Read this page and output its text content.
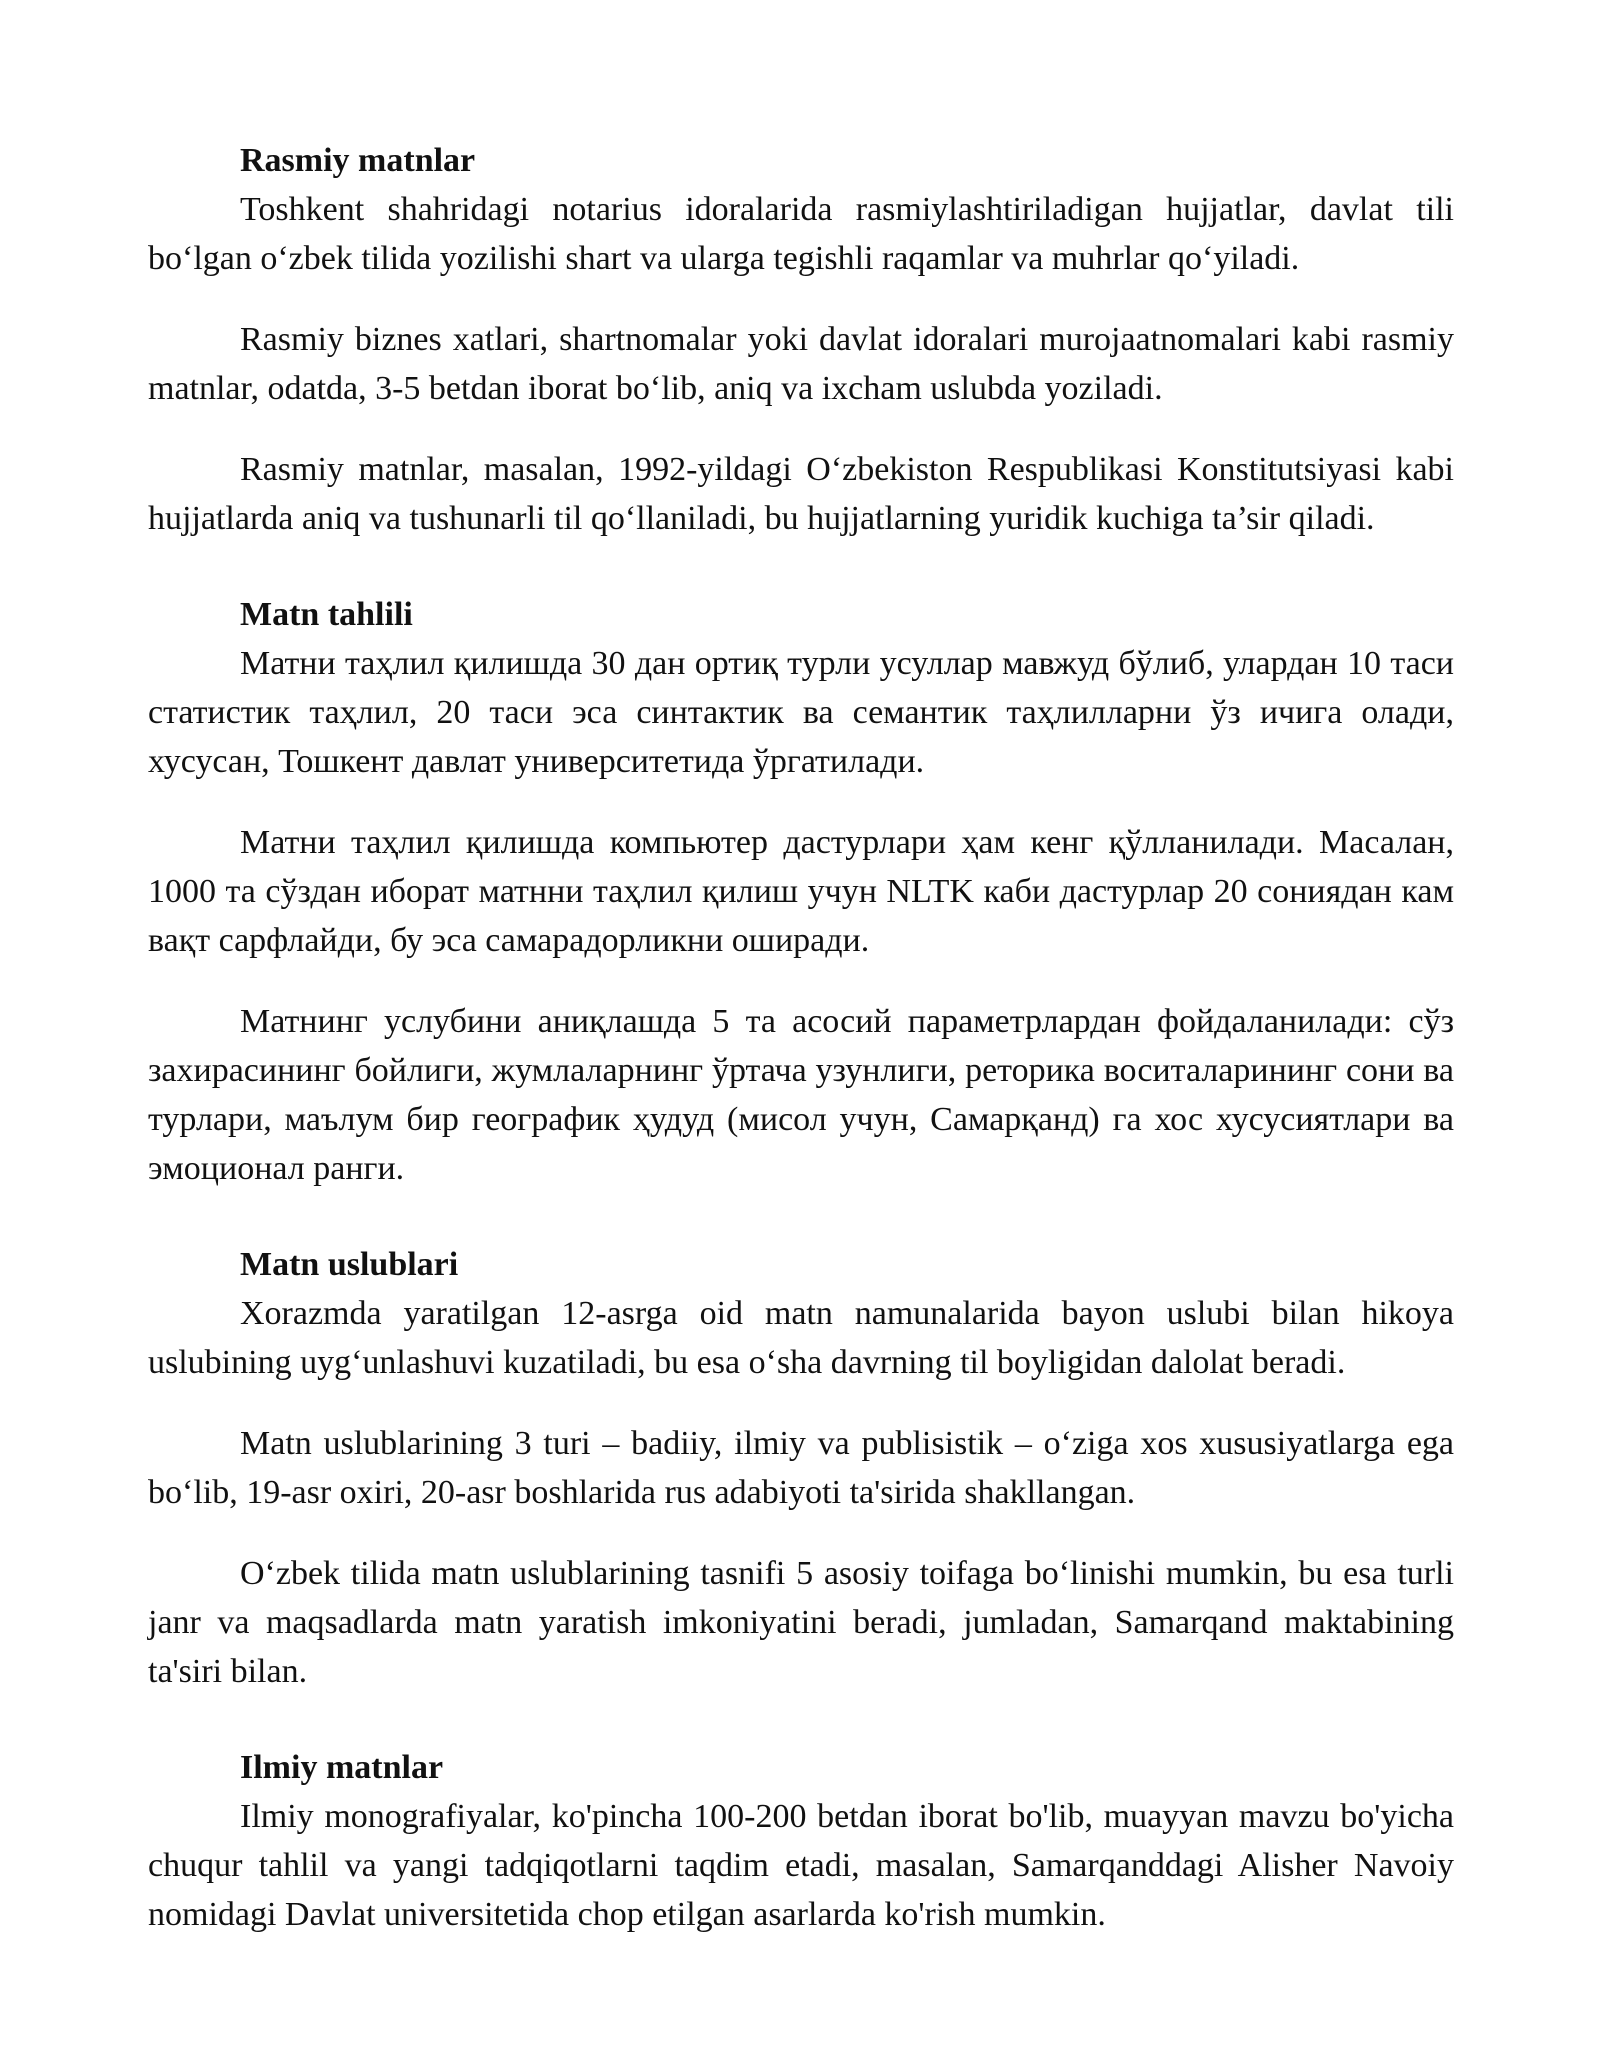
Rasmiy matnlar

Toshkent shahridagi notarius idoralarida rasmiylashtiriladigan hujjatlar, davlat tili bo‘lgan o‘zbek tilida yozilishi shart va ularga tegishli raqamlar va muhrlar qo‘yiladi.

Rasmiy biznes xatlari, shartnomalar yoki davlat idoralari murojaatnomalari kabi rasmiy matnlar, odatda, 3-5 betdan iborat bo‘lib, aniq va ixcham uslubda yoziladi.

Rasmiy matnlar, masalan, 1992-yildagi O‘zbekiston Respublikasi Konstitutsiyasi kabi hujjatlarda aniq va tushunarli til qo‘llaniladi, bu hujjatlarning yuridik kuchiga ta’sir qiladi.

Matn tahlili

Матни таҳлил қилишда 30 дан ортиқ турли усуллар мавжуд бўлиб, улардан 10 таси статистик таҳлил, 20 таси эса синтактик ва семантик таҳлилларни ўз ичига олади, хусусан, Тошкент давлат университетида ўргатилади.

Матни таҳлил қилишда компьютер дастурлари ҳам кенг қўлланилади. Масалан, 1000 та сўздан иборат матнни таҳлил қилиш учун NLTK каби дастурлар 20 сониядан кам вақт сарфлайди, бу эса самарадорликни оширади.

Матнинг услубини аниқлашда 5 та асосий параметрлардан фойдаланилади: сўз захирасининг бойлиги, жумлаларнинг ўртача узунлиги, реторика воситаларининг сони ва турлари, маълум бир географик ҳудуд (мисол учун, Самарқанд) га хос хусусиятлари ва эмоционал ранги.

Matn uslublari

Xorazmda yaratilgan 12-asrga oid matn namunalarida bayon uslubi bilan hikoya uslubining uyg‘unlashuvi kuzatiladi, bu esa o‘sha davrning til boyligidan dalolat beradi.

Matn uslublarining 3 turi – badiiy, ilmiy va publisistik – o‘ziga xos xususiyatlarga ega bo‘lib, 19-asr oxiri, 20-asr boshlarida rus adabiyoti ta'sirida shakllangan.

O‘zbek tilida matn uslublarining tasnifi 5 asosiy toifaga bo‘linishi mumkin, bu esa turli janr va maqsadlarda matn yaratish imkoniyatini beradi, jumladan, Samarqand maktabining ta'siri bilan.

Ilmiy matnlar

Ilmiy monografiyalar, ko'pincha 100-200 betdan iborat bo'lib, muayyan mavzu bo'yicha chuqur tahlil va yangi tadqiqotlarni taqdim etadi, masalan, Samarqanddagi Alisher Navoiy nomidagi Davlat universitetida chop etilgan asarlarda ko'rish mumkin.
